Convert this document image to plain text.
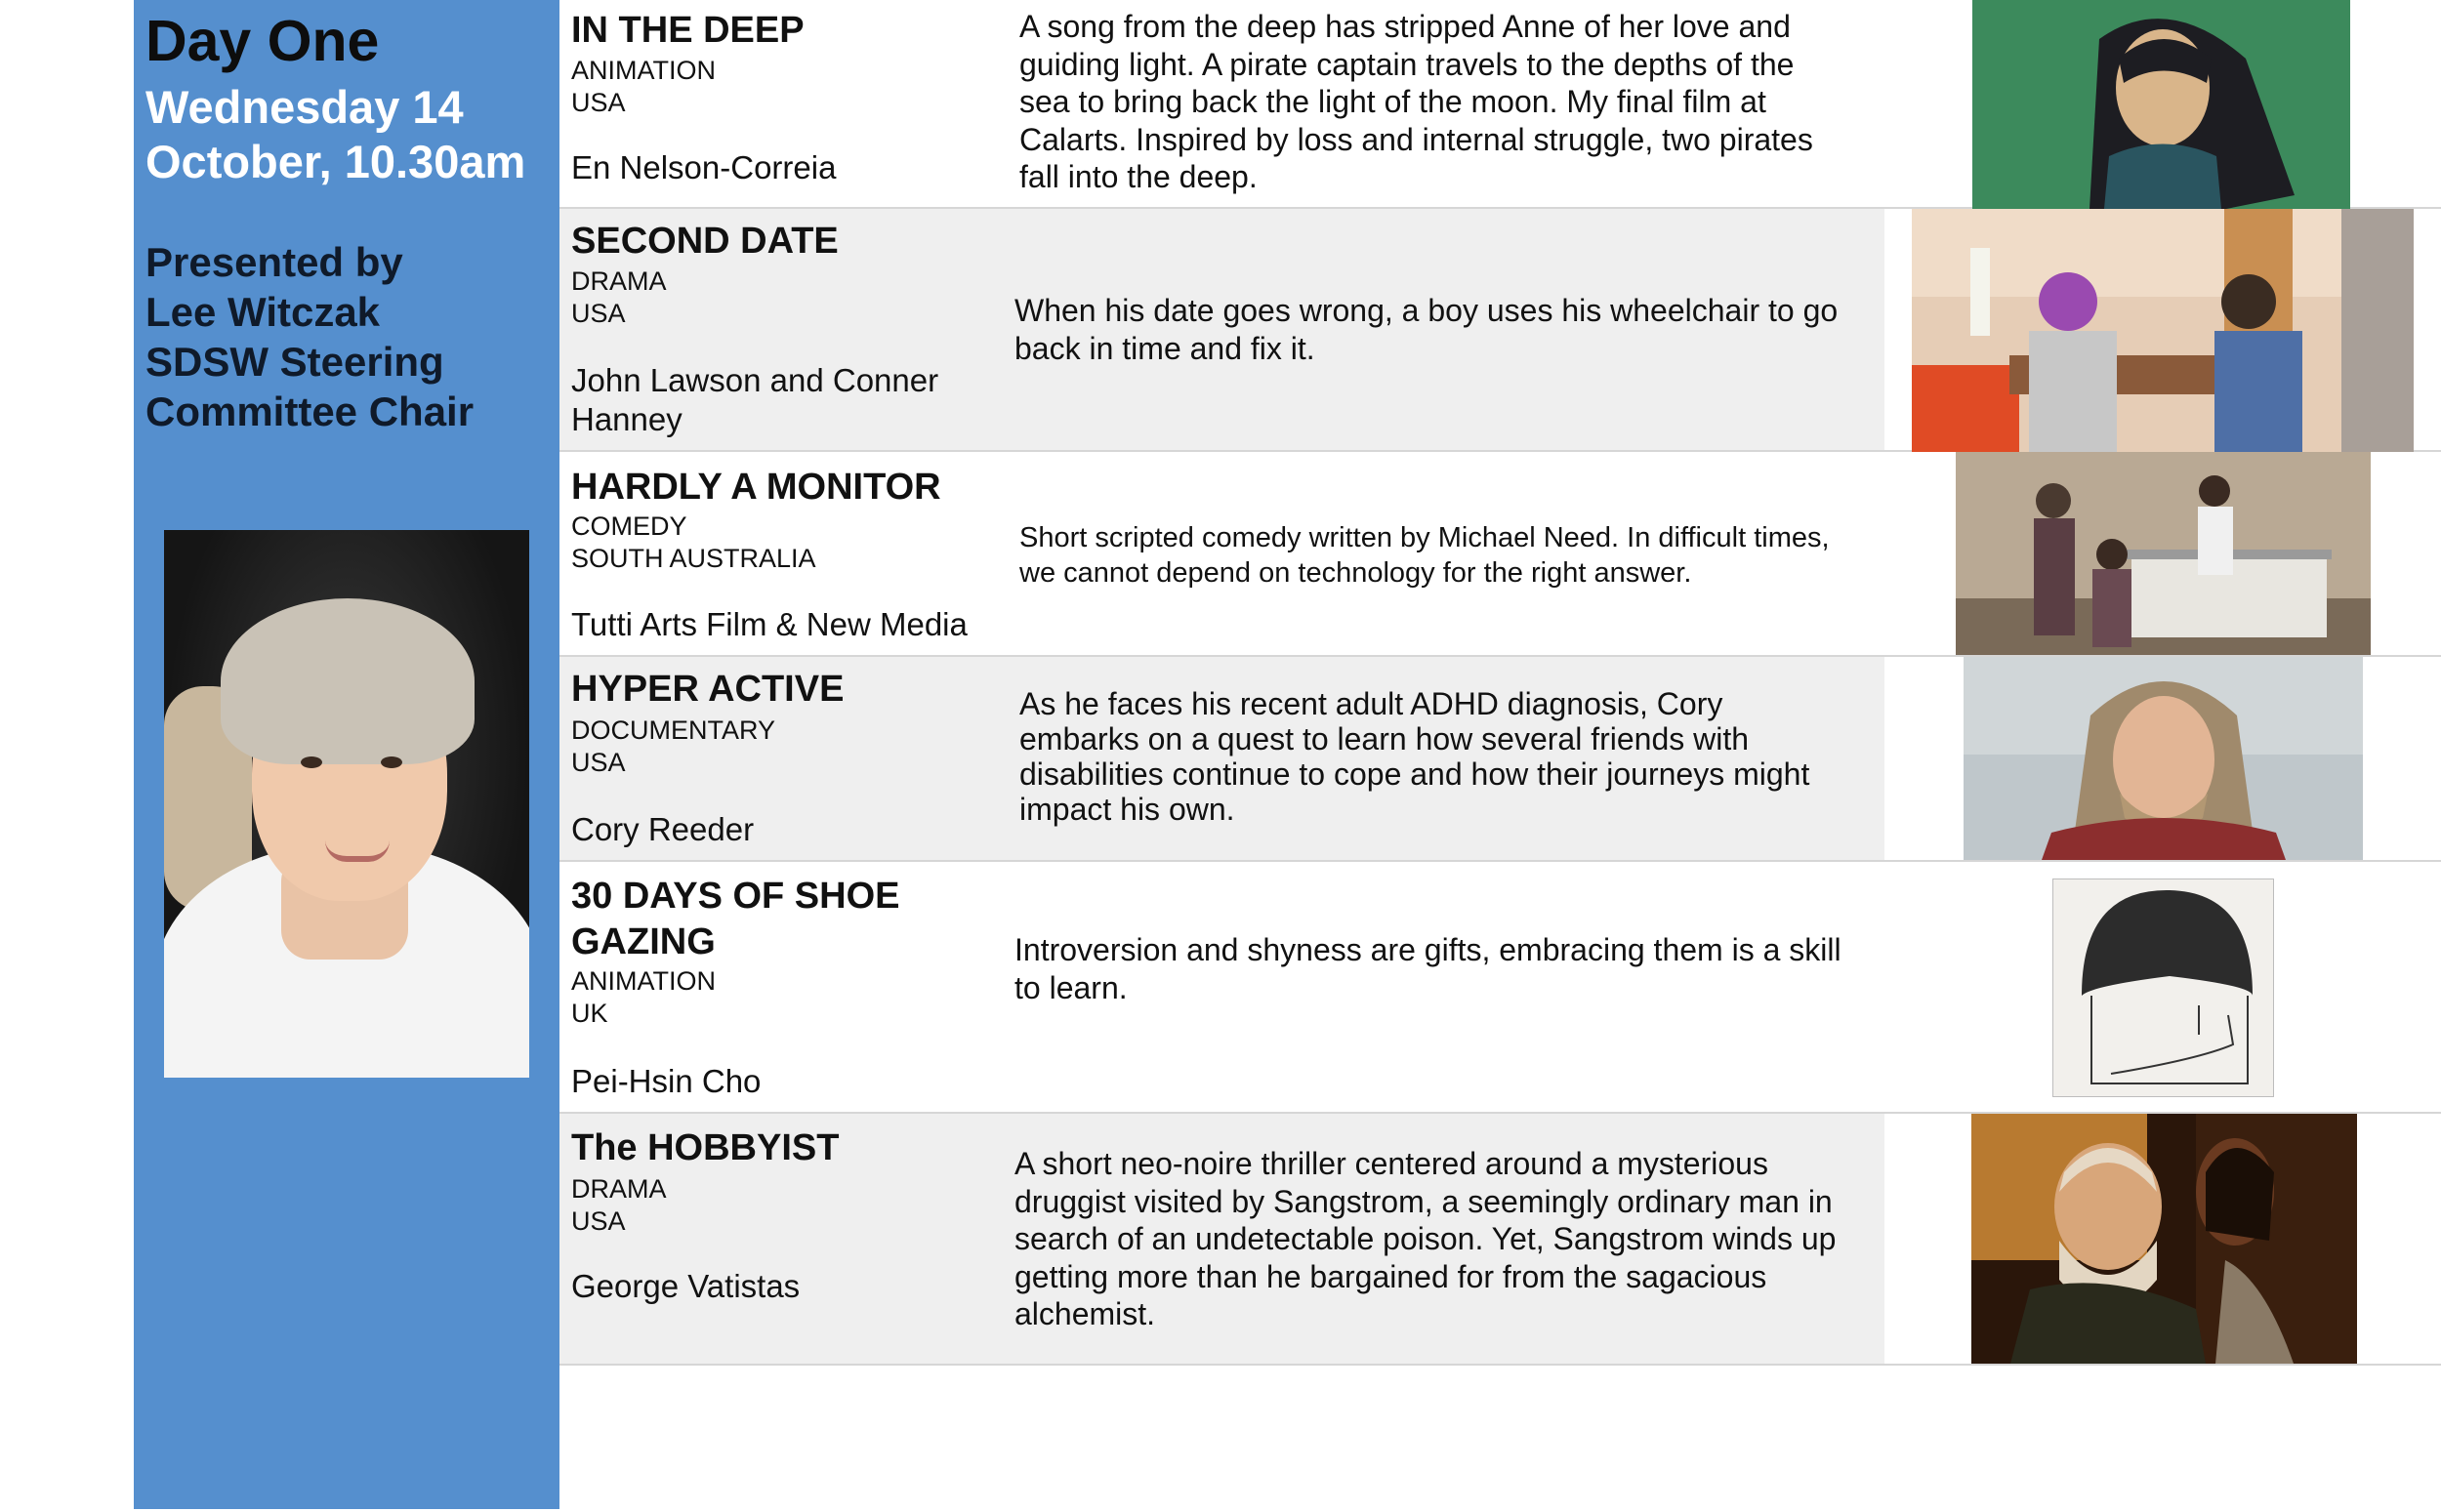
Day One

Wednesday 14 October, 10.30am

Presented by
Lee Witczak
SDSW Steering
Committee Chair

IN THE DEEP
ANIMATION
USA
En Nelson-Correia

A song from the deep has stripped Anne of her love and guiding light. A pirate captain travels to the depths of the sea to bring back the light of the moon. My final film at Calarts. Inspired by loss and internal struggle, two pirates fall into the deep.

SECOND DATE
DRAMA
USA
John Lawson and Conner Hanney

When his date goes wrong, a boy uses his wheelchair to go back in time and fix it.

HARDLY A MONITOR
COMEDY
SOUTH AUSTRALIA
Tutti Arts Film & New Media

Short scripted comedy written by Michael Need. In difficult times, we cannot depend on technology for the right answer.

HYPER ACTIVE
DOCUMENTARY
USA
Cory Reeder

As he faces his recent adult ADHD diagnosis, Cory embarks on a quest to learn how several friends with disabilities continue to cope and how their journeys might impact his own.

30 DAYS OF SHOE GAZING
ANIMATION
UK
Pei-Hsin Cho

Introversion and shyness are gifts, embracing them is a skill to learn.

The HOBBYIST
DRAMA
USA
George Vatistas

A short neo-noire thriller centered around a mysterious druggist visited by Sangstrom, a seemingly ordinary man in search of an undetectable poison. Yet, Sangstrom winds up getting more than he bargained for from the sagacious alchemist.
